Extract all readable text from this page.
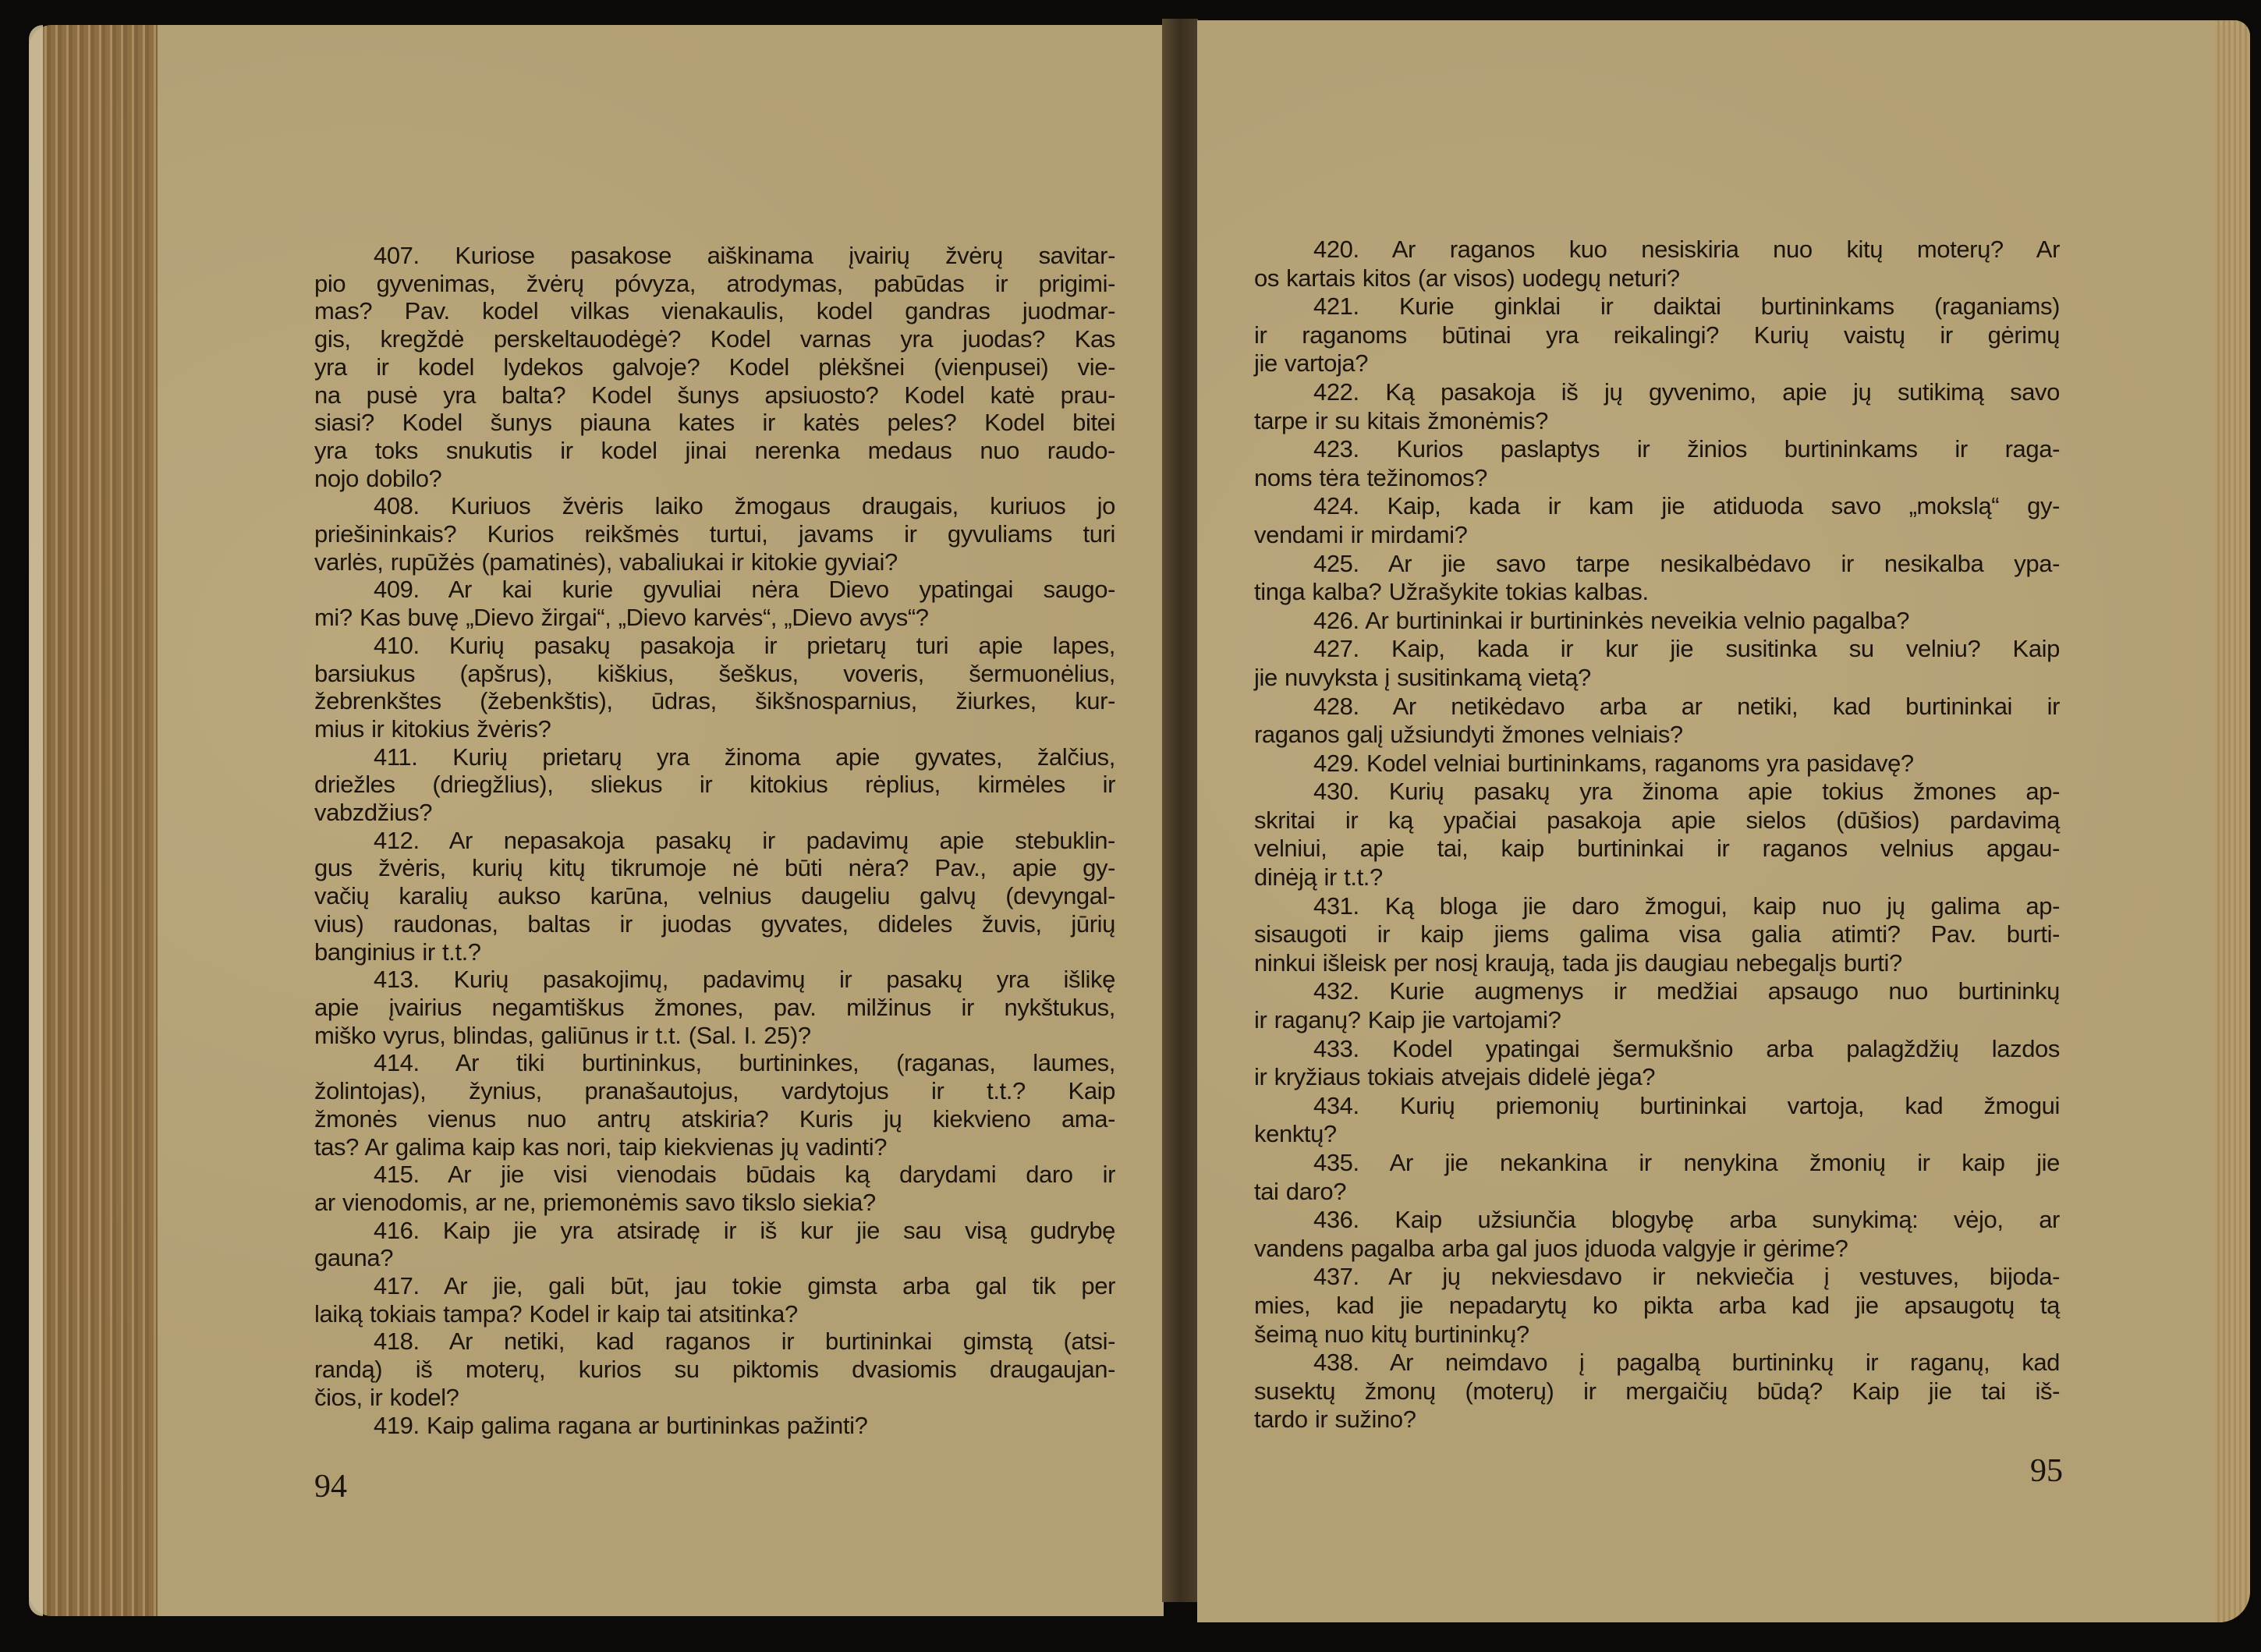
407. Kuriose pasakose aiškinama įvairių žvėrų savitar-
pio gyvenimas, žvėrų póvyza, atrodymas, pabūdas ir prigimi-
mas? Pav. kodel vilkas vienakaulis, kodel gandras juodmar-
gis, kregždė perskeltauodėgė? Kodel varnas yra juodas? Kas
yra ir kodel lydekos galvoje? Kodel plėkšnei (vienpusei) vie-
na pusė yra balta? Kodel šunys apsiuosto? Kodel katė prau-
siasi? Kodel šunys piauna kates ir katės peles? Kodel bitei
yra toks snukutis ir kodel jinai nerenka medaus nuo raudo-
nojo dobilo?
408. Kuriuos žvėris laiko žmogaus draugais, kuriuos jo
priešininkais? Kurios reikšmės turtui, javams ir gyvuliams turi
varlės, rupūžės (pamatinės), vabaliukai ir kitokie gyviai?
409. Ar kai kurie gyvuliai nėra Dievo ypatingai saugo-
mi? Kas buvę „Dievo žirgai“, „Dievo karvės“, „Dievo avys“?
410. Kurių pasakų pasakoja ir prietarų turi apie lapes,
barsiukus (apšrus), kiškius, šeškus, voveris, šermuonėlius,
žebrenkštes (žebenkštis), ūdras, šikšnosparnius, žiurkes, kur-
mius ir kitokius žvėris?
411. Kurių prietarų yra žinoma apie gyvates, žalčius,
driežles (driegžlius), sliekus ir kitokius rėplius, kirmėles ir
vabzdžius?
412. Ar nepasakoja pasakų ir padavimų apie stebuklin-
gus žvėris, kurių kitų tikrumoje nė būti nėra? Pav., apie gy-
vačių karalių aukso karūna, velnius daugeliu galvų (devyngal-
vius) raudonas, baltas ir juodas gyvates, dideles žuvis, jūrių
banginius ir t.t.?
413. Kurių pasakojimų, padavimų ir pasakų yra išlikę
apie įvairius negamtiškus žmones, pav. milžinus ir nykštukus,
miško vyrus, blindas, galiūnus ir t.t. (Sal. I. 25)?
414. Ar tiki burtininkus, burtininkes, (raganas, laumes,
žolintojas), žynius, pranašautojus, vardytojus ir t.t.? Kaip
žmonės vienus nuo antrų atskiria? Kuris jų kiekvieno ama-
tas? Ar galima kaip kas nori, taip kiekvienas jų vadinti?
415. Ar jie visi vienodais būdais ką darydami daro ir
ar vienodomis, ar ne, priemonėmis savo tikslo siekia?
416. Kaip jie yra atsiradę ir iš kur jie sau visą gudrybę
gauna?
417. Ar jie, gali būt, jau tokie gimsta arba gal tik per
laiką tokiais tampa? Kodel ir kaip tai atsitinka?
418. Ar netiki, kad raganos ir burtininkai gimstą (atsi-
randą) iš moterų, kurios su piktomis dvasiomis draugaujan-
čios, ir kodel?
419. Kaip galima ragana ar burtininkas pažinti?
94
420. Ar raganos kuo nesiskiria nuo kitų moterų? Ar
os kartais kitos (ar visos) uodegų neturi?
421. Kurie ginklai ir daiktai burtininkams (raganiams)
ir raganoms būtinai yra reikalingi? Kurių vaistų ir gėrimų
jie vartoja?
422. Ką pasakoja iš jų gyvenimo, apie jų sutikimą savo
tarpe ir su kitais žmonėmis?
423. Kurios paslaptys ir žinios burtininkams ir raga-
noms tėra težinomos?
424. Kaip, kada ir kam jie atiduoda savo „mokslą“ gy-
vendami ir mirdami?
425. Ar jie savo tarpe nesikalbėdavo ir nesikalba ypa-
tinga kalba? Užrašykite tokias kalbas.
426. Ar burtininkai ir burtininkės neveikia velnio pagalba?
427. Kaip, kada ir kur jie susitinka su velniu? Kaip
jie nuvyksta į susitinkamą vietą?
428. Ar netikėdavo arba ar netiki, kad burtininkai ir
raganos galį užsiundyti žmones velniais?
429. Kodel velniai burtininkams, raganoms yra pasidavę?
430. Kurių pasakų yra žinoma apie tokius žmones ap-
skritai ir ką ypačiai pasakoja apie sielos (dūšios) pardavimą
velniui, apie tai, kaip burtininkai ir raganos velnius apgau-
dinėją ir t.t.?
431. Ką bloga jie daro žmogui, kaip nuo jų galima ap-
sisaugoti ir kaip jiems galima visa galia atimti? Pav. burti-
ninkui išleisk per nosį kraują, tada jis daugiau nebegalįs burti?
432. Kurie augmenys ir medžiai apsaugo nuo burtininkų
ir raganų? Kaip jie vartojami?
433. Kodel ypatingai šermukšnio arba palagždžių lazdos
ir kryžiaus tokiais atvejais didelė jėga?
434. Kurių priemonių burtininkai vartoja, kad žmogui
kenktų?
435. Ar jie nekankina ir nenykina žmonių ir kaip jie
tai daro?
436. Kaip užsiunčia blogybę arba sunykimą: vėjo, ar
vandens pagalba arba gal juos įduoda valgyje ir gėrime?
437. Ar jų nekviesdavo ir nekviečia į vestuves, bijoda-
mies, kad jie nepadarytų ko pikta arba kad jie apsaugotų tą
šeimą nuo kitų burtininkų?
438. Ar neimdavo į pagalbą burtininkų ir raganų, kad
susektų žmonų (moterų) ir mergaičių būdą? Kaip jie tai iš-
tardo ir sužino?
95
